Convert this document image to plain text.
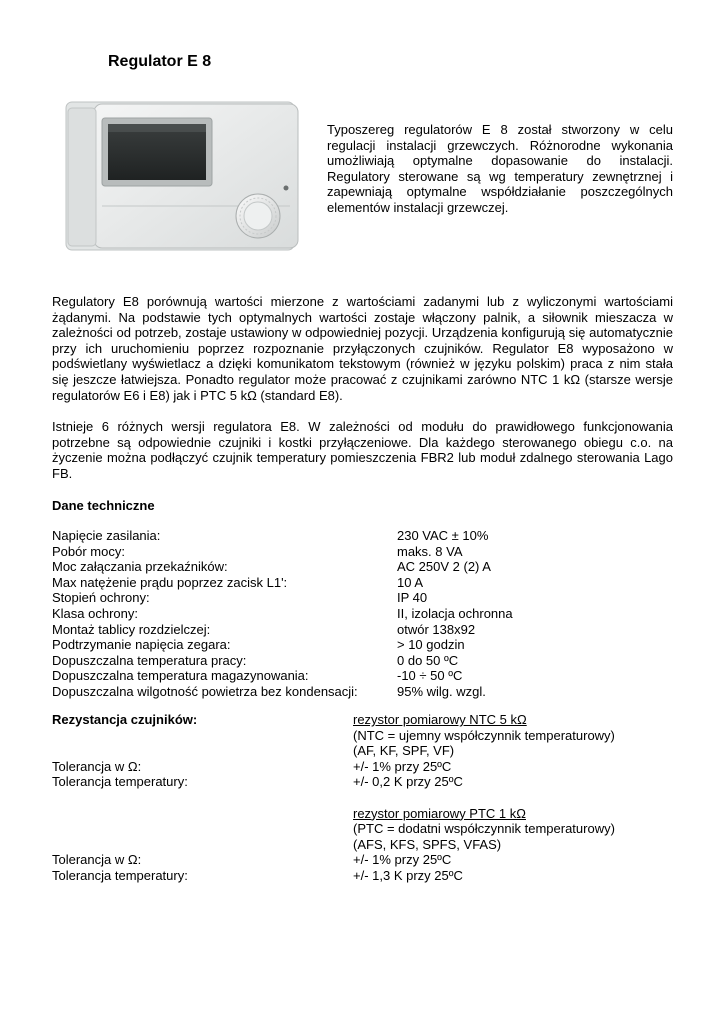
Regulator E 8

Typoszereg regulatorów E 8 został stworzony w celu regulacji instalacji grzewczych. Różnorodne wykonania umożliwiają optymalne dopasowanie do instalacji. Regulatory sterowane są wg temperatury zewnętrznej i zapewniają optymalne współdziałanie poszczególnych elementów instalacji grzewczej.

Regulatory E8 porównują wartości mierzone z wartościami zadanymi lub z wyliczonymi wartościami żądanymi. Na podstawie tych optymalnych wartości zostaje włączony palnik, a siłownik mieszacza w zależności od potrzeb, zostaje ustawiony w odpowiedniej pozycji. Urządzenia konfigurują się automatycznie przy ich uruchomieniu poprzez rozpoznanie przyłączonych czujników. Regulator E8 wyposażono w podświetlany wyświetlacz a dzięki komunikatom tekstowym (również w języku polskim) praca z nim stała się jeszcze łatwiejsza. Ponadto regulator może pracować z czujnikami zarówno NTC 1 kΩ (starsze wersje regulatorów E6 i E8) jak i PTC 5 kΩ (standard E8).

Istnieje 6 różnych wersji regulatora E8. W zależności od modułu do prawidłowego funkcjonowania potrzebne są odpowiednie czujniki i kostki przyłączeniowe. Dla każdego sterowanego obiegu c.o. na życzenie można podłączyć czujnik temperatury pomieszczenia FBR2 lub moduł zdalnego sterowania Lago FB.

Dane techniczne
Napięcie zasilania:	230 VAC ± 10%
Pobór mocy:	maks. 8 VA
Moc załączania przekaźników:	AC 250V 2 (2) A
Max natężenie prądu poprzez zacisk L1':	10 A
Stopień ochrony:	IP 40
Klasa ochrony:	II, izolacja ochronna
Montaż tablicy rozdzielczej:	otwór 138x92
Podtrzymanie napięcia zegara:	> 10 godzin
Dopuszczalna temperatura pracy:	0 do 50 ºC
Dopuszczalna temperatura magazynowania:	-10 ÷ 50 ºC
Dopuszczalna wilgotność powietrza bez kondensacji:	95% wilg. wzgl.
Rezystancja czujników:	rezystor pomiarowy NTC 5 kΩ
(NTC = ujemny współczynnik temperaturowy)
(AF, KF, SPF, VF)
Tolerancja w Ω:	+/- 1% przy 25ºC
Tolerancja temperatury:	+/- 0,2 K przy 25ºC
rezystor pomiarowy PTC 1 kΩ
(PTC = dodatni współczynnik temperaturowy)
(AFS, KFS, SPFS, VFAS)
Tolerancja w Ω:	+/- 1% przy 25ºC
Tolerancja temperatury:	+/- 1,3 K przy 25ºC
